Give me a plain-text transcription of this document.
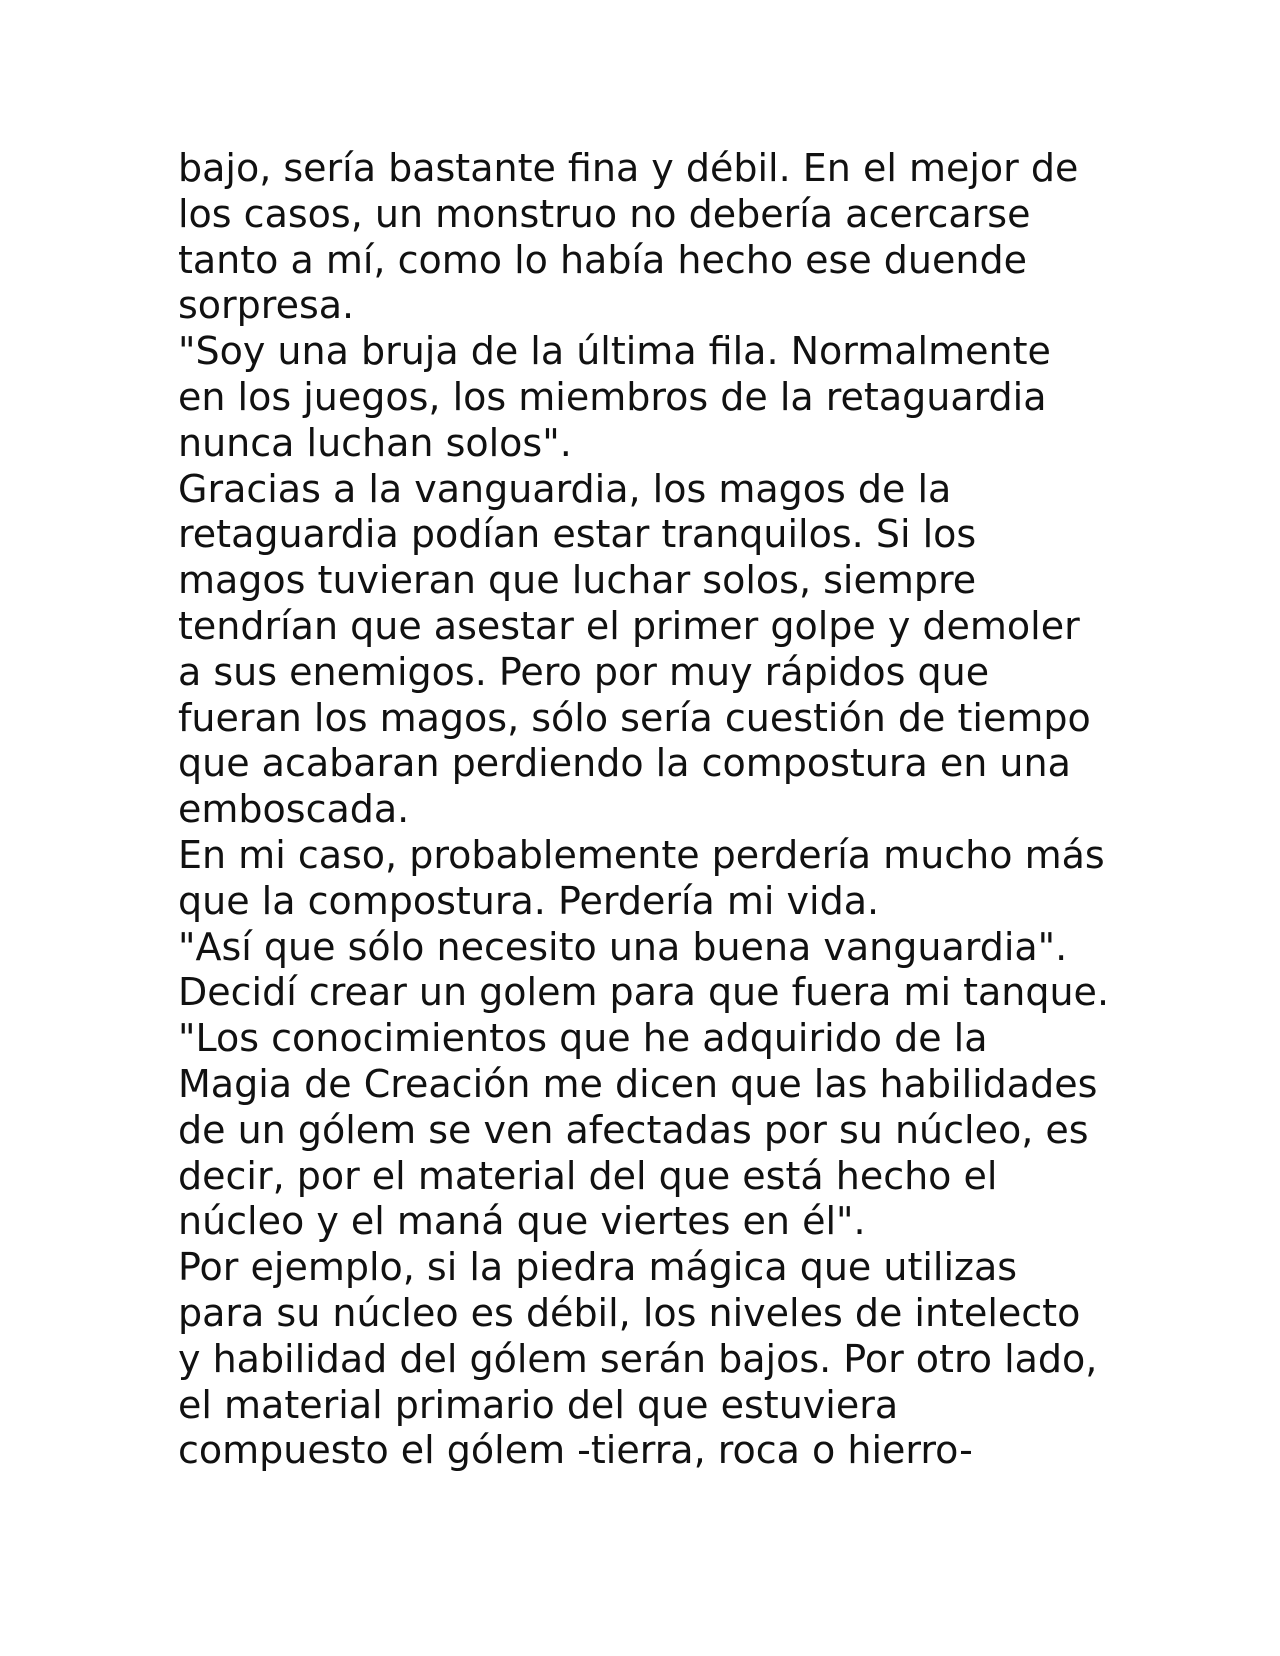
bajo, sería bastante fina y débil. En el mejor de
los casos, un monstruo no debería acercarse
tanto a mí, como lo había hecho ese duende
sorpresa.
"Soy una bruja de la última fila. Normalmente
en los juegos, los miembros de la retaguardia
nunca luchan solos".
Gracias a la vanguardia, los magos de la
retaguardia podían estar tranquilos. Si los
magos tuvieran que luchar solos, siempre
tendrían que asestar el primer golpe y demoler
a sus enemigos. Pero por muy rápidos que
fueran los magos, sólo sería cuestión de tiempo
que acabaran perdiendo la compostura en una
emboscada.
En mi caso, probablemente perdería mucho más
que la compostura. Perdería mi vida.
"Así que sólo necesito una buena vanguardia".
Decidí crear un golem para que fuera mi tanque.
"Los conocimientos que he adquirido de la
Magia de Creación me dicen que las habilidades
de un gólem se ven afectadas por su núcleo, es
decir, por el material del que está hecho el
núcleo y el maná que viertes en él".
Por ejemplo, si la piedra mágica que utilizas
para su núcleo es débil, los niveles de intelecto
y habilidad del gólem serán bajos. Por otro lado,
el material primario del que estuviera
compuesto el gólem -tierra, roca o hierro-
